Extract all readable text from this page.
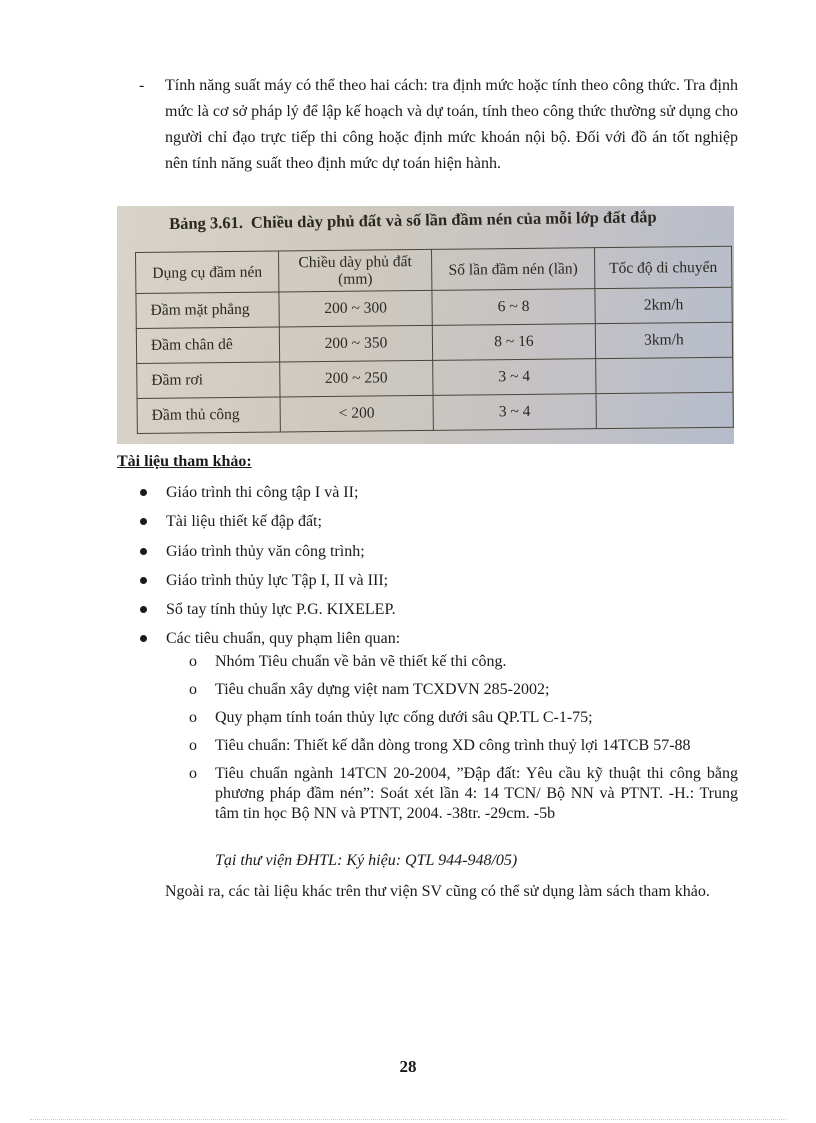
- Tính năng suất máy có thể theo hai cách: tra định mức hoặc tính theo công thức. Tra định mức là cơ sở pháp lý để lập kế hoạch và dự toán, tính theo công thức thường sử dụng cho người chỉ đạo trực tiếp thi công hoặc định mức khoán nội bộ. Đối với đồ án tốt nghiệp nên tính năng suất theo định mức dự toán hiện hành.
Bảng 3.61. Chiều dày phủ đất và số lần đầm nén của mỗi lớp đất đắp
Dụng cụ đầm nén	Chiều dày phủ đất (mm)	Số lần đầm nén (lần)	Tốc độ di chuyển
Đầm mặt phẳng	200 ~ 300	6 ~ 8	2km/h
Đầm chân dê	200 ~ 350	8 ~ 16	3km/h
Đầm rơi	200 ~ 250	3 ~ 4	
Đầm thủ công	< 200	3 ~ 4	
Tài liệu tham khảo:
Giáo trình thi công tập I và II;
Tài liệu thiết kế đập đất;
Giáo trình thủy văn công trình;
Giáo trình thủy lực Tập I, II và III;
Sổ tay tính thủy lực P.G. KIXELEP.
Các tiêu chuẩn, quy phạm liên quan:
o Nhóm Tiêu chuẩn về bản vẽ thiết kế thi công.
o Tiêu chuẩn xây dựng việt nam TCXDVN 285-2002;
o Quy phạm tính toán thủy lực cống dưới sâu QP.TL C-1-75;
o Tiêu chuẩn: Thiết kế dẫn dòng trong XD công trình thuỷ lợi 14TCB 57-88
o Tiêu chuẩn ngành 14TCN 20-2004, ”Đập đất: Yêu cầu kỹ thuật thi công bằng phương pháp đầm nén”: Soát xét lần 4: 14 TCN/ Bộ NN và PTNT. -H.: Trung tâm tin học Bộ NN và PTNT, 2004. -38tr. -29cm. -5b
Tại thư viện ĐHTL: Ký hiệu: QTL 944-948/05)
Ngoài ra, các tài liệu khác trên thư viện SV cũng có thể sử dụng làm sách tham khảo.
28
